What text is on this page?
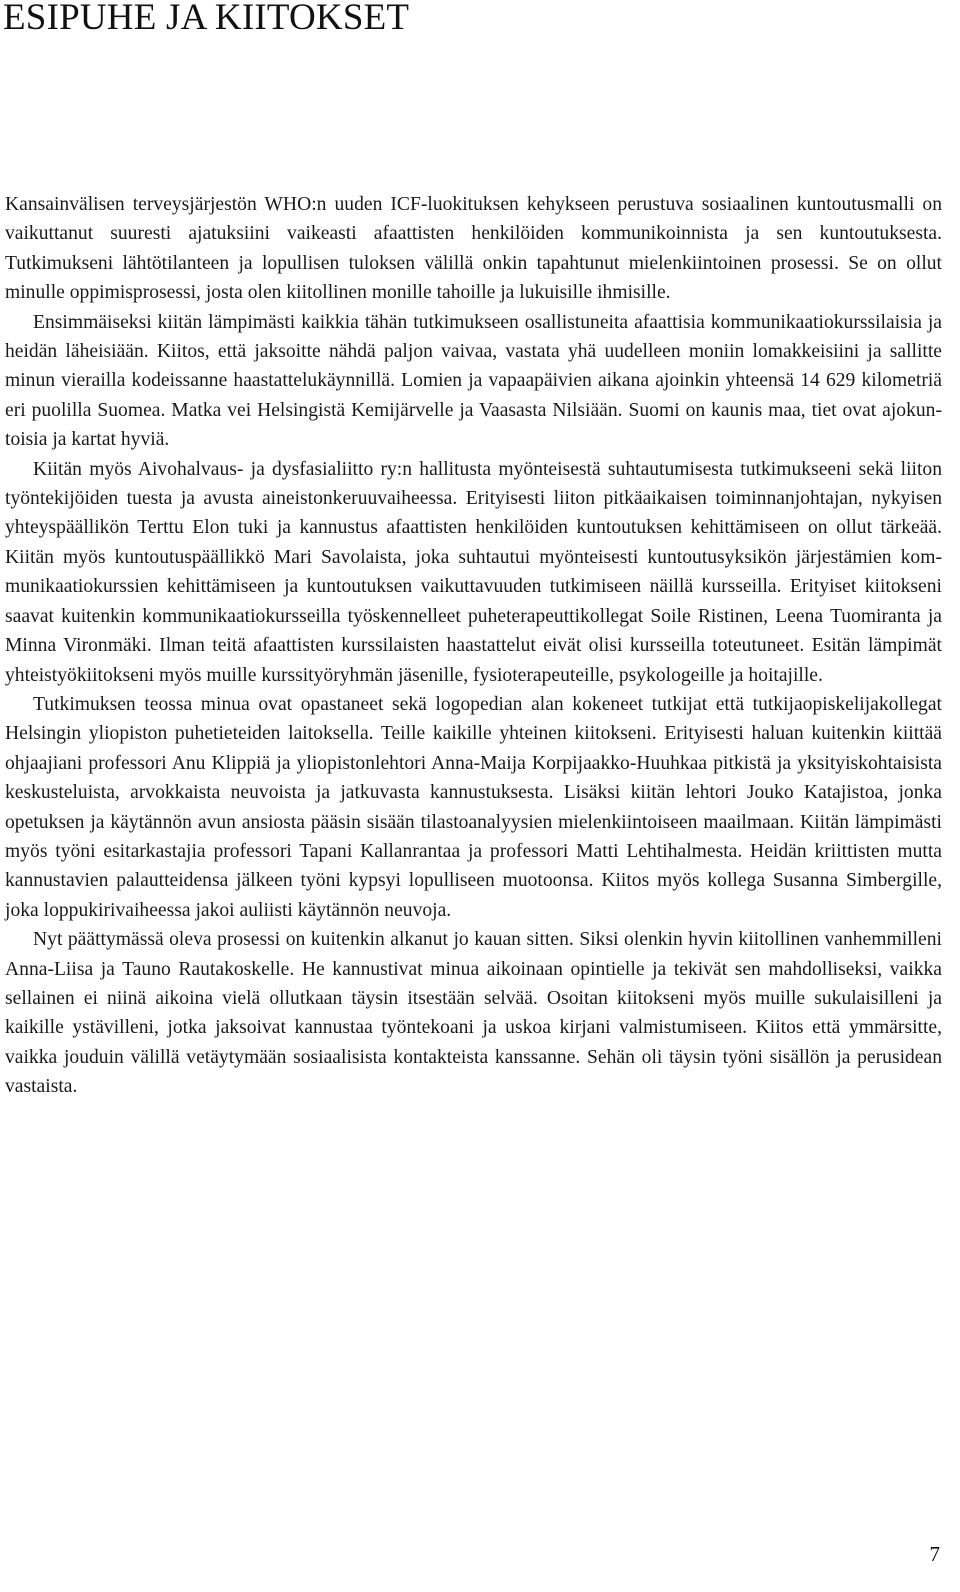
ESIPUHE JA KIITOKSET

Kansainvälisen terveysjärjestön WHO:n uuden ICF-luokituksen kehykseen perustuva sosiaalinen kuntoutusmalli on vaikuttanut suuresti ajatuksiini vaikeasti afaattisten henkilöiden kommunikoinnista ja sen kuntoutuksesta. Tutkimukseni lähtötilanteen ja lopullisen tuloksen välillä onkin tapahtunut mielenkiintoinen prosessi. Se on ollut minulle oppimisprosessi, josta olen kiitollinen monille tahoille ja lukuisille ihmisille.

Ensimmäiseksi kiitän lämpimästi kaikkia tähän tutkimukseen osallistuneita afaattisia kommunikaatiokurssilaisia ja heidän läheisiään. Kiitos, että jaksoitte nähdä paljon vaivaa, vastata yhä uudelleen moniin lomakkeisiini ja sallitte minun vierailla kodeissanne haastattelukäynnillä. Lomien ja vapaapäivien aikana ajoinkin yhteensä 14 629 kilometriä eri puolilla Suomea. Matka vei Helsingistä Kemijärvelle ja Vaasasta Nilsiään. Suomi on kaunis maa, tiet ovat ajokuntoisia ja kartat hyviä.

Kiitän myös Aivohalvaus- ja dysfasialiitto ry:n hallitusta myönteisestä suhtautumisesta tutkimukseeni sekä liiton työntekijöiden tuesta ja avusta aineistonkeruuvaiheessa. Erityisesti liiton pitkäaikaisen toiminnanjohtajan, nykyisen yhteyspäällikön Terttu Elon tuki ja kannustus afaattisten henkilöiden kuntoutuksen kehittämiseen on ollut tärkeää. Kiitän myös kuntoutuspäällikkö Mari Savolaista, joka suhtautui myönteisesti kuntoutusyksikön järjestämien kommunikaatiokurssien kehittämiseen ja kuntoutuksen vaikuttavuuden tutkimiseen näillä kursseilla. Erityiset kiitokseni saavat kuitenkin kommunikaatiokursseilla työskennelleet puheterapeuttikollegat Soile Ristinen, Leena Tuomiranta ja Minna Vironmäki. Ilman teitä afaattisten kurssilaisten haastattelut eivät olisi kursseilla toteutuneet. Esitän lämpimät yhteistyökiitokseni myös muille kurssityöryhmän jäsenille, fysioterapeuteille, psykologeille ja hoitajille.

Tutkimuksen teossa minua ovat opastaneet sekä logopedian alan kokeneet tutkijat että tutkijaopiskelijakollegat Helsingin yliopiston puhetieteiden laitoksella. Teille kaikille yhteinen kiitokseni. Erityisesti haluan kuitenkin kiittää ohjaajiani professori Anu Klippiä ja yliopistonlehtori Anna-Maija Korpijaakko-Huuhkaa pitkistä ja yksityiskohtaisista keskusteluista, arvokkaista neuvoista ja jatkuvasta kannustuksesta. Lisäksi kiitän lehtori Jouko Katajistoa, jonka opetuksen ja käytännön avun ansiosta pääsin sisään tilastoanalyysien mielenkiintoiseen maailmaan. Kiitän lämpimästi myös työni esitarkastajia professori Tapani Kallanrantaa ja professori Matti Lehtihalmesta. Heidän kriittisten mutta kannustavien palautteidensa jälkeen työni kypsyi lopulliseen muotoonsa. Kiitos myös kollega Susanna Simbergille, joka loppukirivaiheessa jakoi auliisti käytännön neuvoja.

Nyt päättymässä oleva prosessi on kuitenkin alkanut jo kauan sitten. Siksi olenkin hyvin kiitollinen vanhemmilleni Anna-Liisa ja Tauno Rautakoskelle. He kannustivat minua aikoinaan opintielle ja tekivät sen mahdolliseksi, vaikka sellainen ei niinä aikoina vielä ollutkaan täysin itsestään selvää. Osoitan kiitokseni myös muille sukulaisilleni ja kaikille ystävilleni, jotka jaksoivat kannustaa työntekoani ja uskoa kirjani valmistumiseen. Kiitos että ymmärsitte, vaikka jouduin välillä vetäytymään sosiaalisista kontakteista kanssanne. Sehän oli täysin työni sisällön ja perusidean vastaista.

7
